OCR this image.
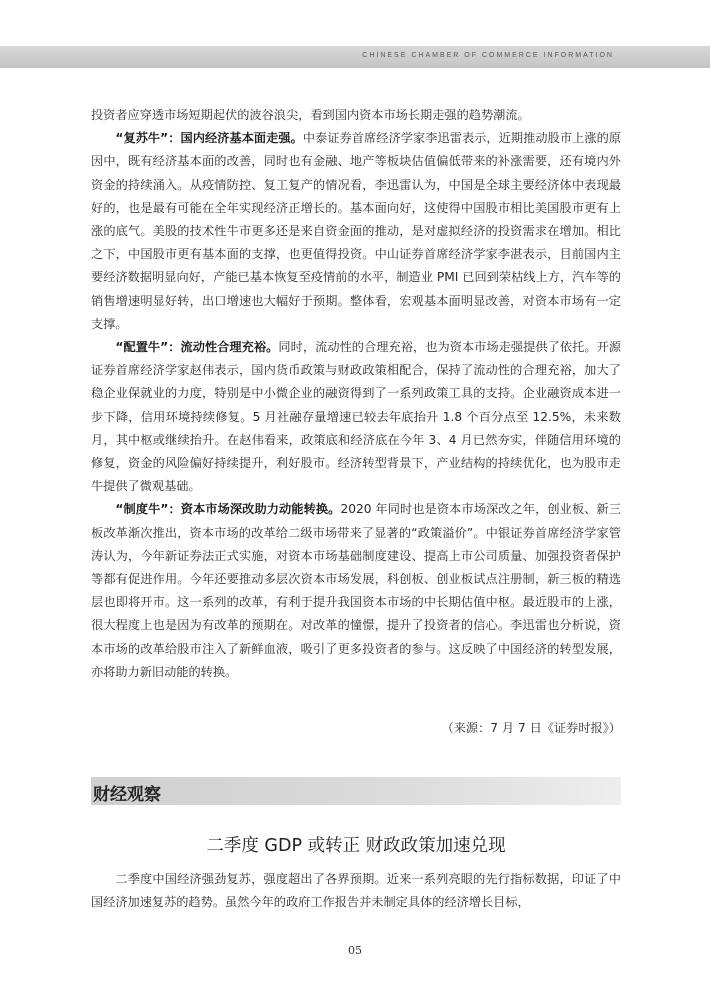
CHINESE CHAMBER OF COMMERCE INFORMATION

投资者应穿透市场短期起伏的波谷浪尖，看到国内资本市场长期走强的趋势潮流。

“复苏牛”：国内经济基本面走强。中泰证券首席经济学家李迅雷表示，近期推动股市上涨的原因中，既有经济基本面的改善，同时也有金融、地产等板块估值偏低带来的补涨需要，还有境内外资金的持续涌入。从疫情防控、复工复产的情况看，李迅雷认为，中国是全球主要经济体中表现最好的，也是最有可能在全年实现经济正增长的。基本面向好，这使得中国股市相比美国股市更有上涨的底气。美股的技术性牛市更多还是来自资金面的推动，是对虚拟经济的投资需求在增加。相比之下，中国股市更有基本面的支撑，也更值得投资。中山证券首席经济学家李湛表示，目前国内主要经济数据明显向好，产能已基本恢复至疫情前的水平，制造业 PMI 已回到荣枯线上方，汽车等的销售增速明显好转，出口增速也大幅好于预期。整体看，宏观基本面明显改善，对资本市场有一定支撑。

“配置牛”：流动性合理充裕。同时，流动性的合理充裕，也为资本市场走强提供了依托。开源证券首席经济学家赵伟表示，国内货币政策与财政政策相配合，保持了流动性的合理充裕，加大了稳企业保就业的力度，特别是中小微企业的融资得到了一系列政策工具的支持。企业融资成本进一步下降，信用环境持续修复。5 月社融存量增速已较去年底抬升 1.8 个百分点至 12.5%，未来数月，其中枢或继续抬升。在赵伟看来，政策底和经济底在今年 3、4 月已然夯实，伴随信用环境的修复，资金的风险偏好持续提升，利好股市。经济转型背景下，产业结构的持续优化，也为股市走牛提供了微观基础。

“制度牛”：资本市场深改助力动能转换。2020 年同时也是资本市场深改之年，创业板、新三板改革渐次推出，资本市场的改革给二级市场带来了显著的“政策溢价”。中银证券首席经济学家管涛认为，今年新证券法正式实施，对资本市场基础制度建设、提高上市公司质量、加强投资者保护等都有促进作用。今年还要推动多层次资本市场发展，科创板、创业板试点注册制，新三板的精选层也即将开市。这一系列的改革，有利于提升我国资本市场的中长期估值中枢。最近股市的上涨，很大程度上也是因为有改革的预期在。对改革的憧憬，提升了投资者的信心。李迅雷也分析说，资本市场的改革给股市注入了新鲜血液，吸引了更多投资者的参与。这反映了中国经济的转型发展，亦将助力新旧动能的转换。

（来源：7 月 7 日《证券时报》）
财经观察
二季度 GDP 或转正 财政政策加速兑现

二季度中国经济强劲复苏，强度超出了各界预期。近来一系列亮眼的先行指标数据，印证了中国经济加速复苏的趋势。虽然今年的政府工作报告并未制定具体的经济增长目标，

05
